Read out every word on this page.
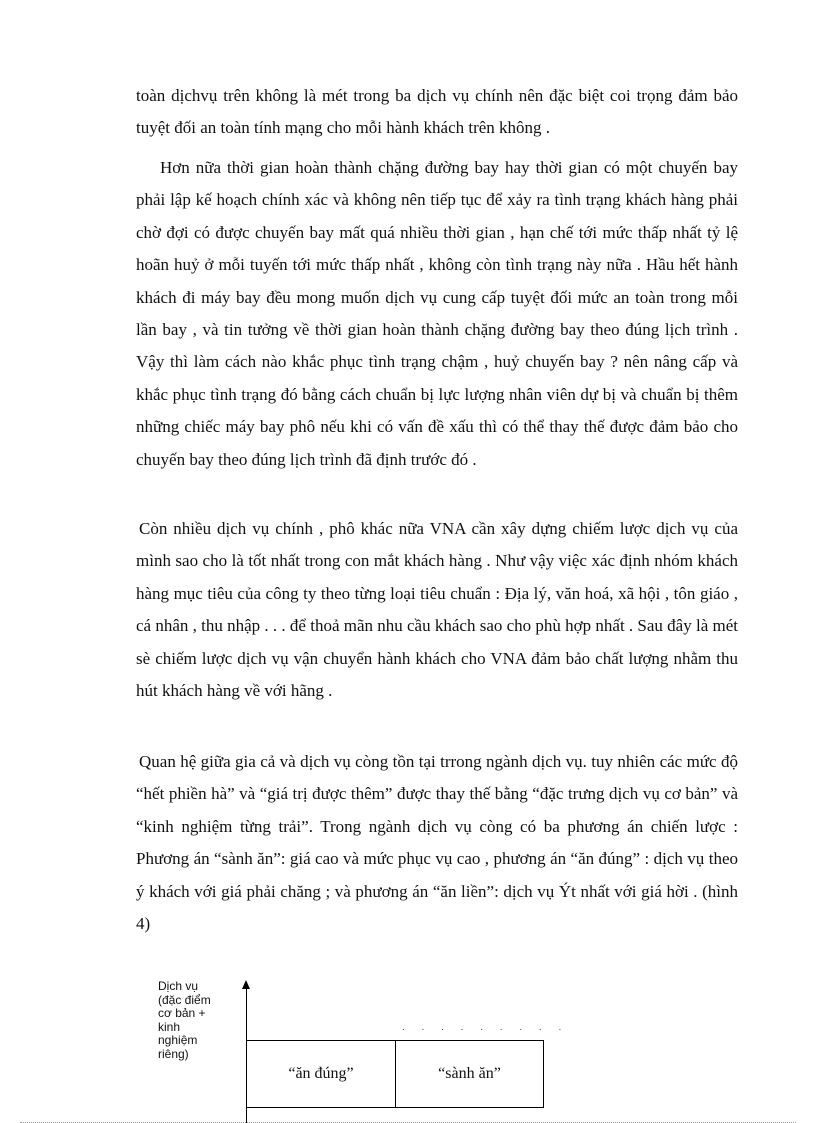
toàn dịchvụ trên không là mét trong ba dịch vụ chính nên đặc biệt coi trọng đảm bảo tuyệt đối an toàn tính mạng cho mỗi hành khách trên không .

Hơn nữa thời gian hoàn thành chặng đường bay hay thời gian có một chuyến bay phải lập kế hoạch chính xác và không nên tiếp tục để xảy ra tình trạng khách hàng phải chờ đợi có được chuyến bay mất quá nhiều thời gian , hạn chế tới mức thấp nhất tỷ lệ hoãn huỷ ở mỗi tuyến tới mức thấp nhất , không còn tình trạng này nữa . Hầu hết hành khách đi máy bay đều mong muốn dịch vụ cung cấp tuyệt đối mức an toàn trong mỗi lần bay , và tin tưởng về thời gian hoàn thành chặng đường bay theo đúng lịch trình . Vậy thì làm cách nào khắc phục tình trạng chậm , huỷ chuyến bay ? nên nâng cấp và khắc phục tình trạng đó bằng cách chuẩn bị lực lượng nhân viên dự bị và chuẩn bị thêm những chiếc máy bay phô nếu khi có vấn đề xấu thì có thể thay thế được đảm bảo cho chuyến bay theo đúng lịch trình đã định trước đó .

Còn nhiều dịch vụ chính , phô khác nữa VNA cần xây dựng chiếm lược dịch vụ của mình sao cho là tốt nhất trong con mắt khách hàng . Như vậy việc xác định nhóm khách hàng mục tiêu của công ty theo từng loại tiêu chuẩn : Địa lý, văn hoá, xã hội , tôn giáo , cá nhân , thu nhập . . . để thoả mãn nhu cầu khách sao cho phù hợp nhất . Sau đây là mét sè chiếm lược dịch vụ vận chuyển hành khách cho VNA đảm bảo chất lượng nhằm thu hút khách hàng về với hãng .

Quan hệ giữa gia cả và dịch vụ còng tồn tại trrong ngành dịch vụ. tuy nhiên các mức độ “hết phiền hà” và “giá trị được thêm” được thay thế bằng “đặc trưng dịch vụ cơ bản” và “kinh nghiệm từng trải”. Trong ngành dịch vụ còng có ba phương án chiến lược : Phương án “sành ăn”: giá cao và mức phục vụ cao , phương án “ăn đúng” : dịch vụ theo ý khách với giá phải chăng ; và phương án “ăn liền”: dịch vụ Ýt nhất với giá hời . (hình 4)

Dịch vụ
(đặc điểm
cơ bản +
kinh
nghiệm
riêng)
. . . . . . . . .
“ăn đúng”	“sành ăn”
